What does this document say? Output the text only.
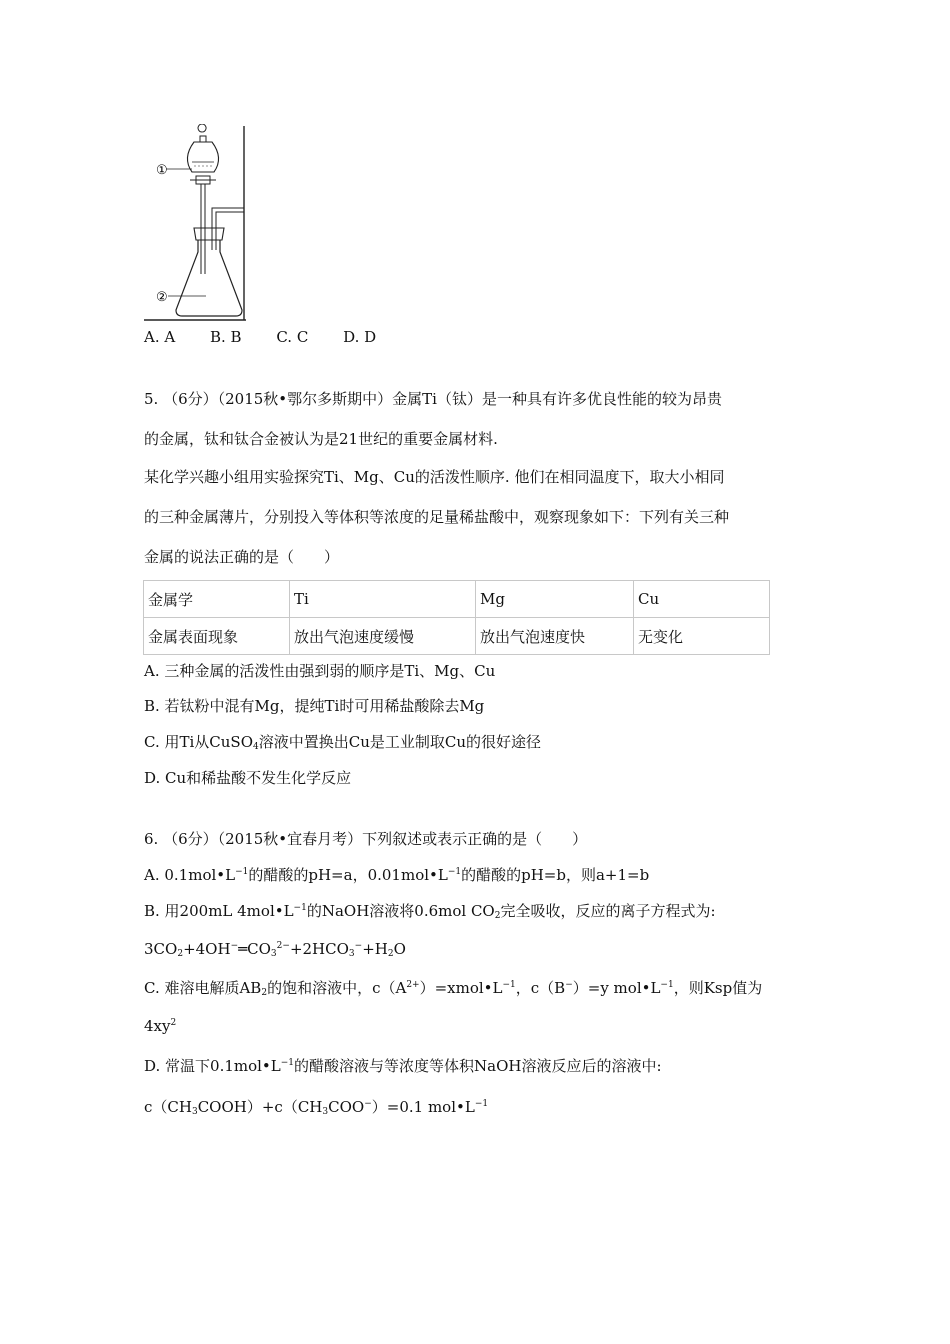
①
②
A. A B. B C. C D. D
5. （6分）（2015秋•鄂尔多斯期中）金属Ti（钛）是一种具有许多优良性能的较为昂贵
的金属，钛和钛合金被认为是21世纪的重要金属材料.
某化学兴趣小组用实验探究Ti、Mg、Cu的活泼性顺序. 他们在相同温度下，取大小相同
的三种金属薄片，分别投入等体积等浓度的足量稀盐酸中，观察现象如下：下列有关三种
金属的说法正确的是（　　）
金属学	Ti	Mg	Cu
金属表面现象	放出气泡速度缓慢	放出气泡速度快	无变化
A. 三种金属的活泼性由强到弱的顺序是Ti、Mg、Cu
B. 若钛粉中混有Mg，提纯Ti时可用稀盐酸除去Mg
C. 用Ti从CuSO$_4$溶液中置换出Cu是工业制取Cu的很好途径
D. Cu和稀盐酸不发生化学反应
6. （6分）（2015秋•宜春月考）下列叙述或表示正确的是（　　）
A. $0.1mol•L^{-1}$的醋酸的pH=a，$0.01mol•L^{-1}$的醋酸的pH=b，则a+1=b
B. 用200mL $4mol•L^{-1}$的NaOH溶液将0.6mol $CO_2$完全吸收，反应的离子方程式为:
$3CO_2+4OH^-═CO_3^{2-}+2HCO_3^-+H_2O$
C. 难溶电解质$AB_2$的饱和溶液中，$c(A^{2+})=xmol•L^{-1}$，c（B−）=y $mol•L^{-1}$，则Ksp值为
$4xy^2$
D. 常温下$0.1mol•L^{-1}$的醋酸溶液与等浓度等体积NaOH溶液反应后的溶液中:
$c(CH_3COOH)+c(CH_3COO^-)=0.1$ $mol•L^{-1}$
